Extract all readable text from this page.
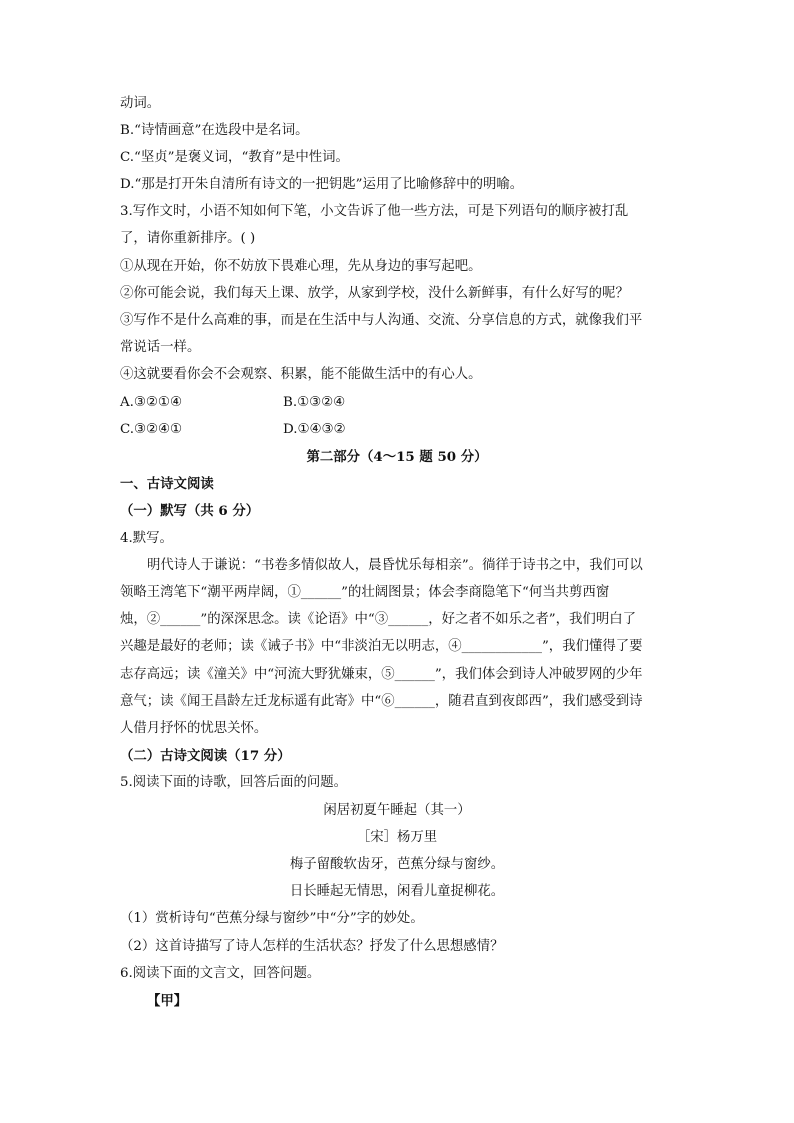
动词。
B.“诗情画意”在选段中是名词。
C.“坚贞”是褒义词，“教育”是中性词。
D.“那是打开朱自清所有诗文的一把钥匙”运用了比喻修辞中的明喻。
3.写作文时，小语不知如何下笔，小文告诉了他一些方法，可是下列语句的顺序被打乱
了，请你重新排序。( )
①从现在开始，你不妨放下畏难心理，先从身边的事写起吧。
②你可能会说，我们每天上课、放学，从家到学校，没什么新鲜事，有什么好写的呢？
③写作不是什么高难的事，而是在生活中与人沟通、交流、分享信息的方式，就像我们平
常说话一样。
④这就要看你会不会观察、积累，能不能做生活中的有心人。
A.③②①④	B.①③②④
C.③②④①	D.①④③②
第二部分（4～15 题 50 分）
一、古诗文阅读
（一）默写（共 6 分）
4.默写。
明代诗人于谦说：“书卷多情似故人，晨昏忧乐每相亲”。徜徉于诗书之中，我们可以
领略王湾笔下“潮平两岸阔，①______”的壮阔图景；体会李商隐笔下“何当共剪西窗
烛，②______”的深深思念。读《论语》中“③______，好之者不如乐之者”，我们明白了
兴趣是最好的老师；读《诫子书》中“非淡泊无以明志，④____________”，我们懂得了要
志存高远；读《潼关》中“河流大野犹嫌束，⑤______”，我们体会到诗人冲破罗网的少年
意气；读《闻王昌龄左迁龙标遥有此寄》中“⑥______，随君直到夜郎西”，我们感受到诗
人借月抒怀的忧思关怀。
（二）古诗文阅读（17 分）
5.阅读下面的诗歌，回答后面的问题。
闲居初夏午睡起（其一）
［宋］杨万里
梅子留酸软齿牙，芭蕉分绿与窗纱。
日长睡起无情思，闲看儿童捉柳花。
（1）赏析诗句“芭蕉分绿与窗纱”中“分”字的妙处。
（2）这首诗描写了诗人怎样的生活状态？抒发了什么思想感情？
6.阅读下面的文言文，回答问题。
【甲】
